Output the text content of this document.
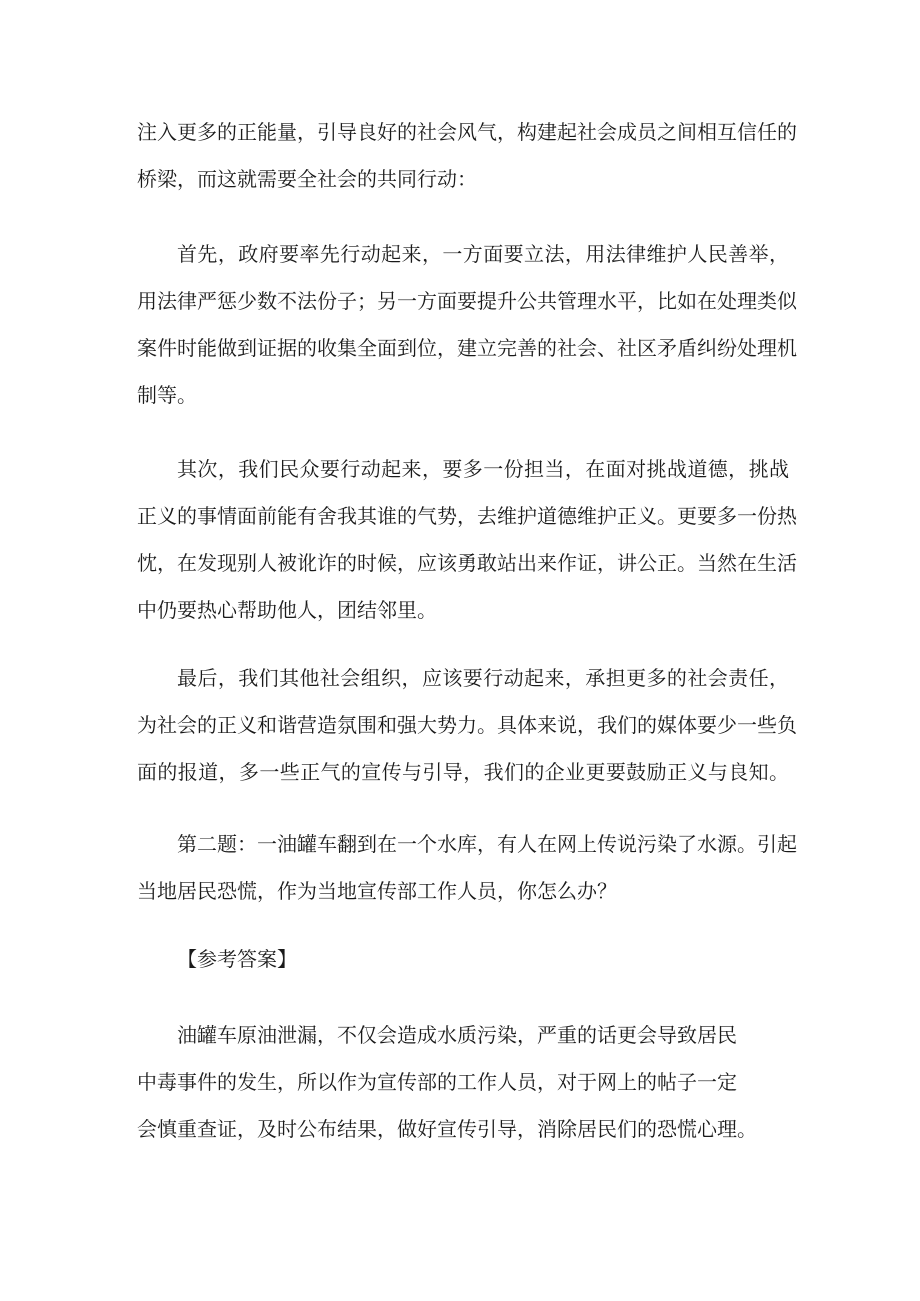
注入更多的正能量，引导良好的社会风气，构建起社会成员之间相互信任的
桥梁，而这就需要全社会的共同行动：
首先，政府要率先行动起来，一方面要立法，用法律维护人民善举，
用法律严惩少数不法份子；另一方面要提升公共管理水平，比如在处理类似
案件时能做到证据的收集全面到位，建立完善的社会、社区矛盾纠纷处理机
制等。
其次，我们民众要行动起来，要多一份担当，在面对挑战道德，挑战
正义的事情面前能有舍我其谁的气势，去维护道德维护正义。更要多一份热
忱，在发现别人被讹诈的时候，应该勇敢站出来作证，讲公正。当然在生活
中仍要热心帮助他人，团结邻里。
最后，我们其他社会组织，应该要行动起来，承担更多的社会责任，
为社会的正义和谐营造氛围和强大势力。具体来说，我们的媒体要少一些负
面的报道，多一些正气的宣传与引导，我们的企业更要鼓励正义与良知。
第二题：一油罐车翻到在一个水库，有人在网上传说污染了水源。引起
当地居民恐慌，作为当地宣传部工作人员，你怎么办？
【参考答案】
油罐车原油泄漏，不仅会造成水质污染，严重的话更会导致居民
中毒事件的发生，所以作为宣传部的工作人员，对于网上的帖子一定
会慎重查证，及时公布结果，做好宣传引导，消除居民们的恐慌心理。
